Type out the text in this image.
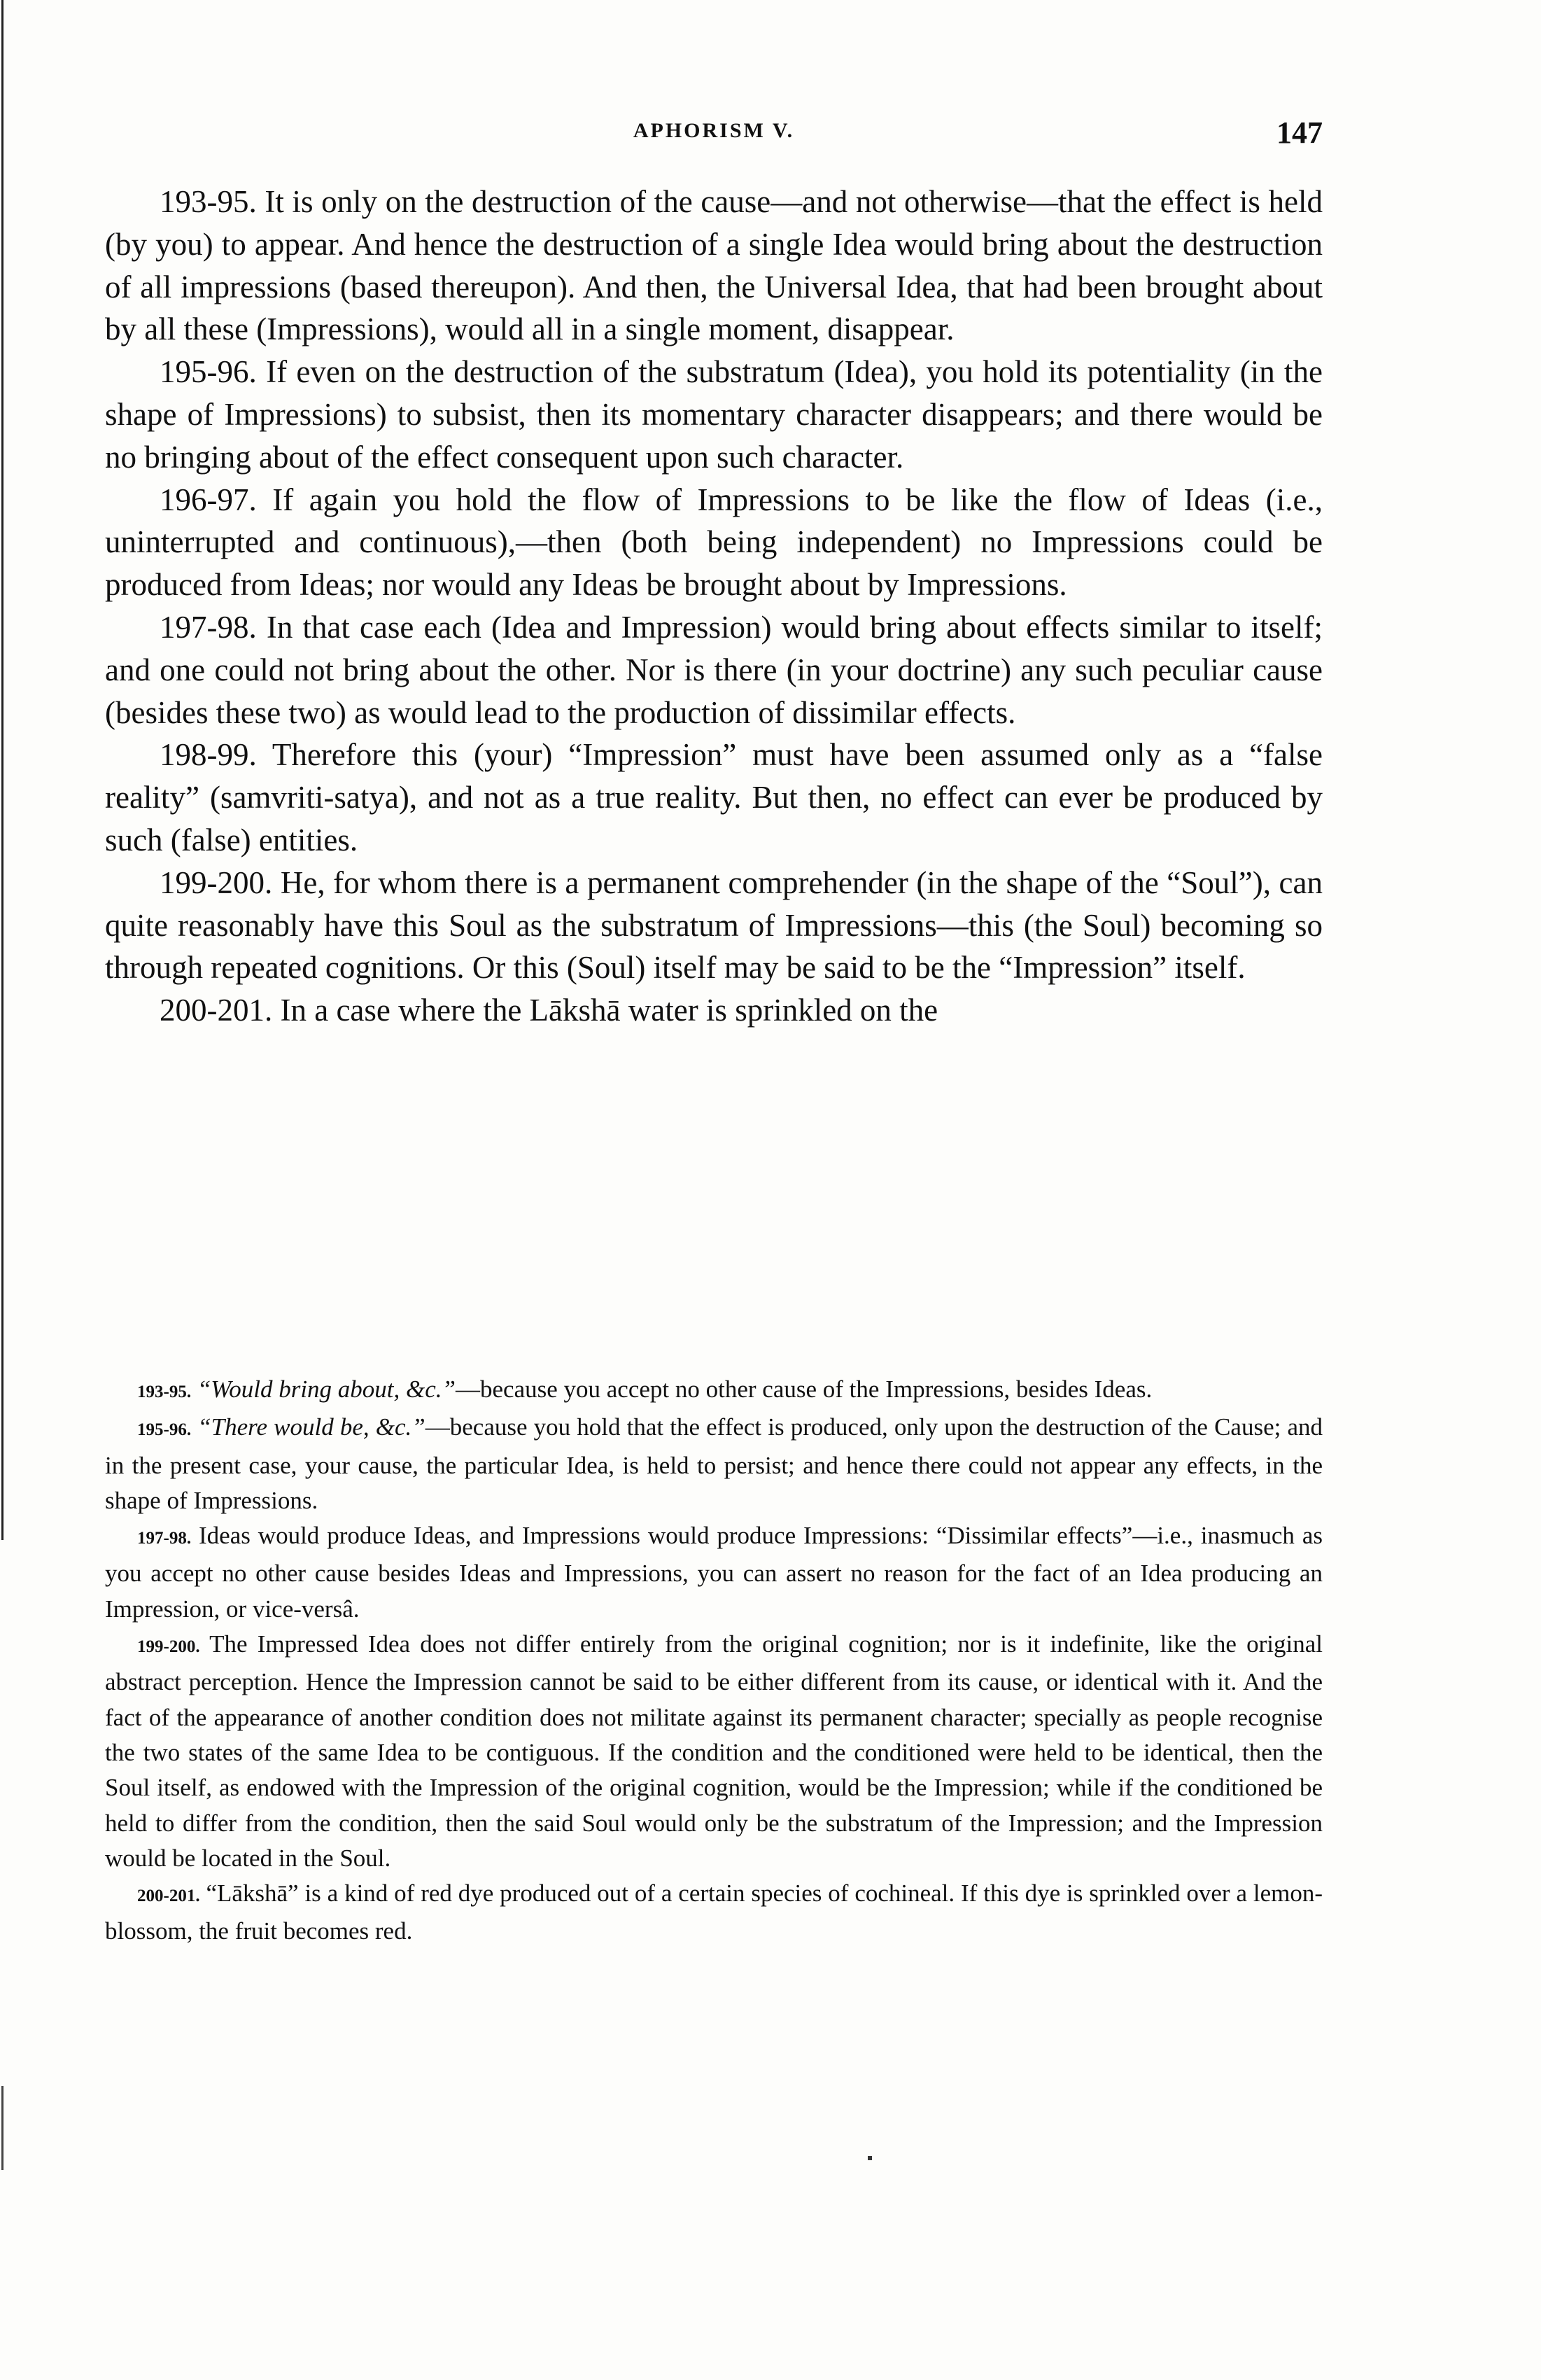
APHORISM V.	147

193-95. It is only on the destruction of the cause—and not otherwise—that the effect is held (by you) to appear. And hence the destruction of a single Idea would bring about the destruction of all impressions (based thereupon). And then, the Universal Idea, that had been brought about by all these (Impressions), would all in a single moment, disappear.

195-96. If even on the destruction of the substratum (Idea), you hold its potentiality (in the shape of Impressions) to subsist, then its momentary character disappears; and there would be no bringing about of the effect consequent upon such character.

196-97. If again you hold the flow of Impressions to be like the flow of Ideas (i.e., uninterrupted and continuous),—then (both being independent) no Impressions could be produced from Ideas; nor would any Ideas be brought about by Impressions.

197-98. In that case each (Idea and Impression) would bring about effects similar to itself; and one could not bring about the other. Nor is there (in your doctrine) any such peculiar cause (besides these two) as would lead to the production of dissimilar effects.

198-99. Therefore this (your) “Impression” must have been assumed only as a “false reality” (samvriti-satya), and not as a true reality. But then, no effect can ever be produced by such (false) entities.

199-200. He, for whom there is a permanent comprehender (in the shape of the “Soul”), can quite reasonably have this Soul as the substratum of Impressions—this (the Soul) becoming so through repeated cognitions. Or this (Soul) itself may be said to be the “Impression” itself.

200-201. In a case where the Lākshā water is sprinkled on the

193-95. “Would bring about, &c.”—because you accept no other cause of the Impressions, besides Ideas.

195-96. “There would be, &c.”—because you hold that the effect is produced, only upon the destruction of the Cause; and in the present case, your cause, the particular Idea, is held to persist; and hence there could not appear any effects, in the shape of Impressions.

197-98. Ideas would produce Ideas, and Impressions would produce Impressions: “Dissimilar effects”—i.e., inasmuch as you accept no other cause besides Ideas and Impressions, you can assert no reason for the fact of an Idea producing an Impression, or vice-versâ.

199-200. The Impressed Idea does not differ entirely from the original cognition; nor is it indefinite, like the original abstract perception. Hence the Impression cannot be said to be either different from its cause, or identical with it. And the fact of the appearance of another condition does not militate against its permanent character; specially as people recognise the two states of the same Idea to be contiguous. If the condition and the conditioned were held to be identical, then the Soul itself, as endowed with the Impression of the original cognition, would be the Impression; while if the conditioned be held to differ from the condition, then the said Soul would only be the substratum of the Impression; and the Impression would be located in the Soul.

200-201. “Lākshā” is a kind of red dye produced out of a certain species of cochineal. If this dye is sprinkled over a lemon-blossom, the fruit becomes red.
